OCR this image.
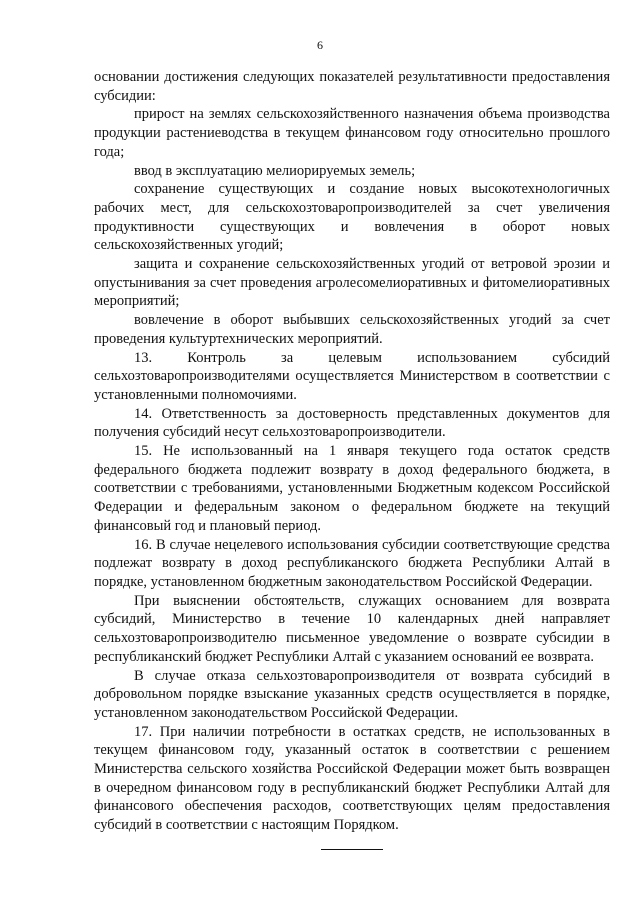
6

основании достижения следующих показателей результативности предоставления субсидии:

прирост на землях сельскохозяйственного назначения объема производства продукции растениеводства в текущем финансовом году относительно прошлого года;

ввод в эксплуатацию мелиорируемых земель;

сохранение существующих и создание новых высокотехнологичных рабочих мест, для сельскохозтоваропроизводителей за счет увеличения продуктивности существующих и вовлечения в оборот новых сельскохозяйственных угодий;

защита и сохранение сельскохозяйственных угодий от ветровой эрозии и опустынивания за счет проведения агролесомелиоративных и фитомелиоративных мероприятий;

вовлечение в оборот выбывших сельскохозяйственных угодий за счет проведения культуртехнических мероприятий.

13. Контроль за целевым использованием субсидий сельхозтоваропроизводителями осуществляется Министерством в соответствии с установленными полномочиями.

14. Ответственность за достоверность представленных документов для получения субсидий несут сельхозтоваропроизводители.

15. Не использованный на 1 января текущего года остаток средств федерального бюджета подлежит возврату в доход федерального бюджета, в соответствии с требованиями, установленными Бюджетным кодексом Российской Федерации и федеральным законом о федеральном бюджете на текущий финансовый год и плановый период.

16. В случае нецелевого использования субсидии соответствующие средства подлежат возврату в доход республиканского бюджета Республики Алтай в порядке, установленном бюджетным законодательством Российской Федерации.

При выяснении обстоятельств, служащих основанием для возврата субсидий, Министерство в течение 10 календарных дней направляет сельхозтоваропроизводителю письменное уведомление о возврате субсидии в республиканский бюджет Республики Алтай с указанием оснований ее возврата.

В случае отказа сельхозтоваропроизводителя от возврата субсидий в добровольном порядке взыскание указанных средств осуществляется в порядке, установленном законодательством Российской Федерации.

17. При наличии потребности в остатках средств, не использованных в текущем финансовом году, указанный остаток в соответствии с решением Министерства сельского хозяйства Российской Федерации может быть возвращен в очередном финансовом году в республиканский бюджет Республики Алтай для финансового обеспечения расходов, соответствующих целям предоставления субсидий в соответствии с настоящим Порядком.
